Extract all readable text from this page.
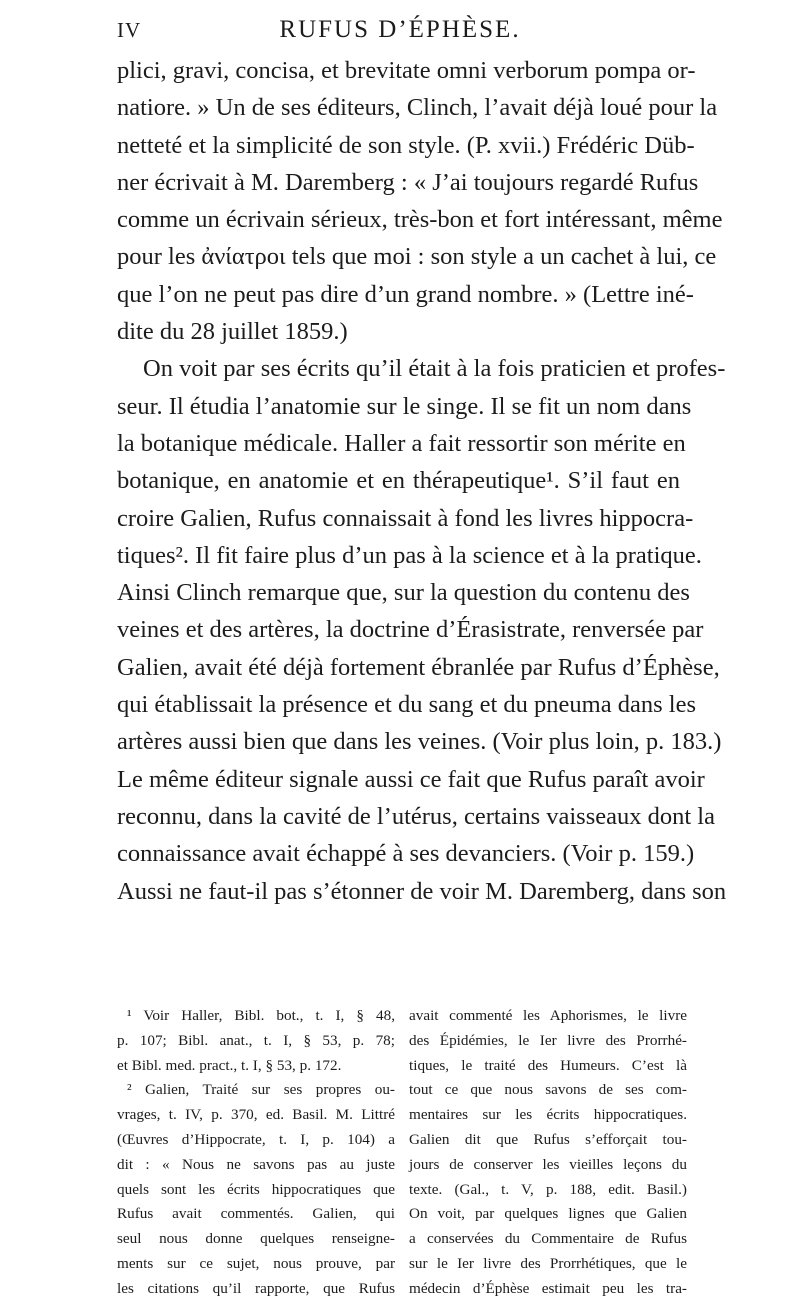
IV	RUFUS D’ÉPHÈSE.
plici, gravi, concisa, et brevitate omni verborum pompa or-
natiore. » Un de ses éditeurs, Clinch, l’avait déjà loué pour la
netteté et la simplicité de son style. (P. xvii.) Frédéric Düb-
ner écrivait à M. Daremberg : « J’ai toujours regardé Rufus
comme un écrivain sérieux, très-bon et fort intéressant, même
pour les ἀνίατροι tels que moi : son style a un cachet à lui, ce
que l’on ne peut pas dire d’un grand nombre. » (Lettre iné-
dite du 28 juillet 1859.)
On voit par ses écrits qu’il était à la fois praticien et profes-
seur. Il étudia l’anatomie sur le singe. Il se fit un nom dans
la botanique médicale. Haller a fait ressortir son mérite en
botanique, en anatomie et en thérapeutique¹. S’il faut en
croire Galien, Rufus connaissait à fond les livres hippocra-
tiques². Il fit faire plus d’un pas à la science et à la pratique.
Ainsi Clinch remarque que, sur la question du contenu des
veines et des artères, la doctrine d’Érasistrate, renversée par
Galien, avait été déjà fortement ébranlée par Rufus d’Éphèse,
qui établissait la présence et du sang et du pneuma dans les
artères aussi bien que dans les veines. (Voir plus loin, p. 183.)
Le même éditeur signale aussi ce fait que Rufus paraît avoir
reconnu, dans la cavité de l’utérus, certains vaisseaux dont la
connaissance avait échappé à ses devanciers. (Voir p. 159.)
Aussi ne faut-il pas s’étonner de voir M. Daremberg, dans son
¹ Voir Haller, Bibl. bot., t. I, § 48,
p. 107; Bibl. anat., t. I, § 53, p. 78;
et Bibl. med. pract., t. I, § 53, p. 172.
² Galien, Traité sur ses propres ou-
vrages, t. IV, p. 370, ed. Basil. M. Littré
(Œuvres d’Hippocrate, t. I, p. 104) a
dit : « Nous ne savons pas au juste
quels sont les écrits hippocratiques que
Rufus avait commentés. Galien, qui
seul nous donne quelques renseigne-
ments sur ce sujet, nous prouve, par
les citations qu’il rapporte, que Rufus
avait commenté les Aphorismes, le livre
des Épidémies, le Ier livre des Prorrhé-
tiques, le traité des Humeurs. C’est là
tout ce que nous savons de ses com-
mentaires sur les écrits hippocratiques.
Galien dit que Rufus s’efforçait tou-
jours de conserver les vieilles leçons du
texte. (Gal., t. V, p. 188, edit. Basil.)
On voit, par quelques lignes que Galien
a conservées du Commentaire de Rufus
sur le Ier livre des Prorrhétiques, que le
médecin d’Éphèse estimait peu les tra-
